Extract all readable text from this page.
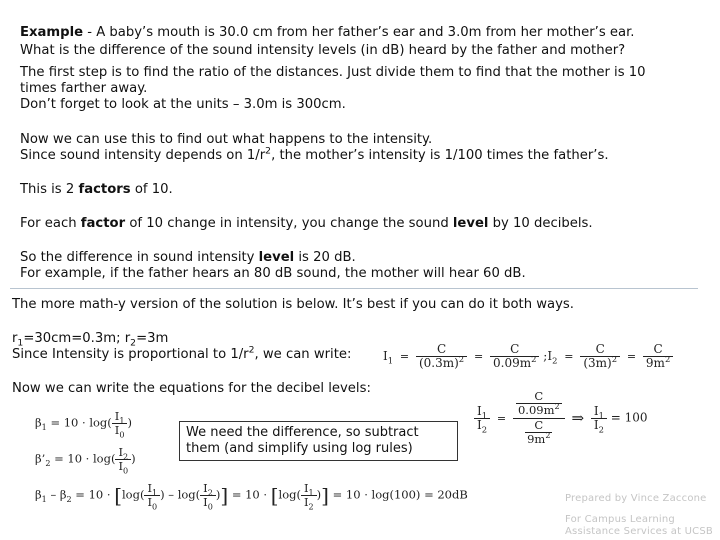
Example - A baby’s mouth is 30.0 cm from her father’s ear and 3.0m from her mother’s ear.
What is the difference of the sound intensity levels (in dB) heard by the father and mother?
The first step is to find the ratio of the distances. Just divide them to find that the mother is 10
times farther away.
Don’t forget to look at the units – 3.0m is 300cm.
Now we can use this to find out what happens to the intensity.
Since sound intensity depends on $1/r^2$, the mother’s intensity is 1/100 times the father’s.
This is 2 factors of 10.
For each factor of 10 change in intensity, you change the sound level by 10 decibels.
So the difference in sound intensity level is 20 dB.
For example, if the father hears an 80 dB sound, the mother will hear 60 dB.
The more math-y version of the solution is below. It’s best if you can do it both ways.
$r_1=30cm=0.3m$; $r_2=3m$
Since Intensity is proportional to $1/r^2$, we can write:	$I_1 = \frac{C}{(0.3m)^2} = \frac{C}{0.09m^2}$ $;I_2 = \frac{C}{(3m)^2} = \frac{C}{9m^2}$
Now we can write the equations for the decibel levels:
$\frac{I_1}{I_2}$ =
C
$0.09m^2$
C
$9m^2$
⇒ $\frac{I_1}{I_2} = 100$
$\beta_1 = 10 \cdot \log( \frac{I_1}{I_0}$ )
$\beta’_2 = 10 \cdot \log( \frac{I_2}{I_0}$ )
$\beta_1 - \beta_2 = 10 \cdot [\log( \frac{I_1}{I_0}$ ) – $\log( \frac{I_2}{I_0}$ )] = $10 \cdot [\log( \frac{I_1}{I_2}$ )] = 10 · log(100) = 20dB
We need the difference, so subtract
them (and simplify using log rules)
Prepared by Vince Zaccone
For Campus Learning
Assistance Services at UCSB
